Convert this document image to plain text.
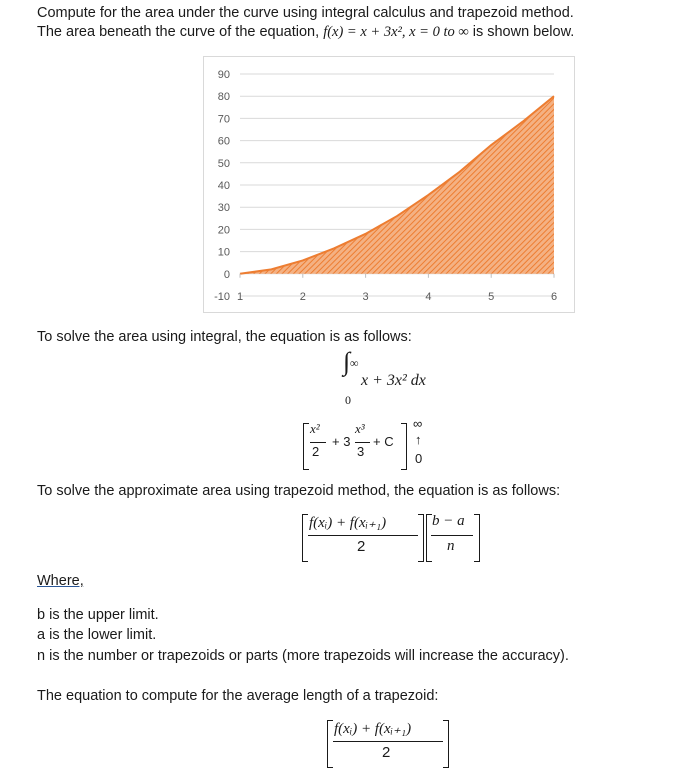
Compute for the area under the curve using integral calculus and trapezoid method.
The area beneath the curve of the equation, f(x) = x + 3x², x = 0 to ∞ is shown below.
90
80
70
60
50
40
30
20
10
0
-10 1	2	3	4	5	6
To solve the area using integral, the equation is as follows:
∫ ∞
0
x + 3x² dx
x²
2
+ 3
x³
3
+ C
∞
↑
0
To solve the approximate area using trapezoid method, the equation is as follows:
f(xᵢ) + f(xᵢ₊₁)
2
b − a
n
Where,
b is the upper limit.
a is the lower limit.
n is the number or trapezoids or parts (more trapezoids will increase the accuracy).
The equation to compute for the average length of a trapezoid:
f(xᵢ) + f(xᵢ₊₁)
2
